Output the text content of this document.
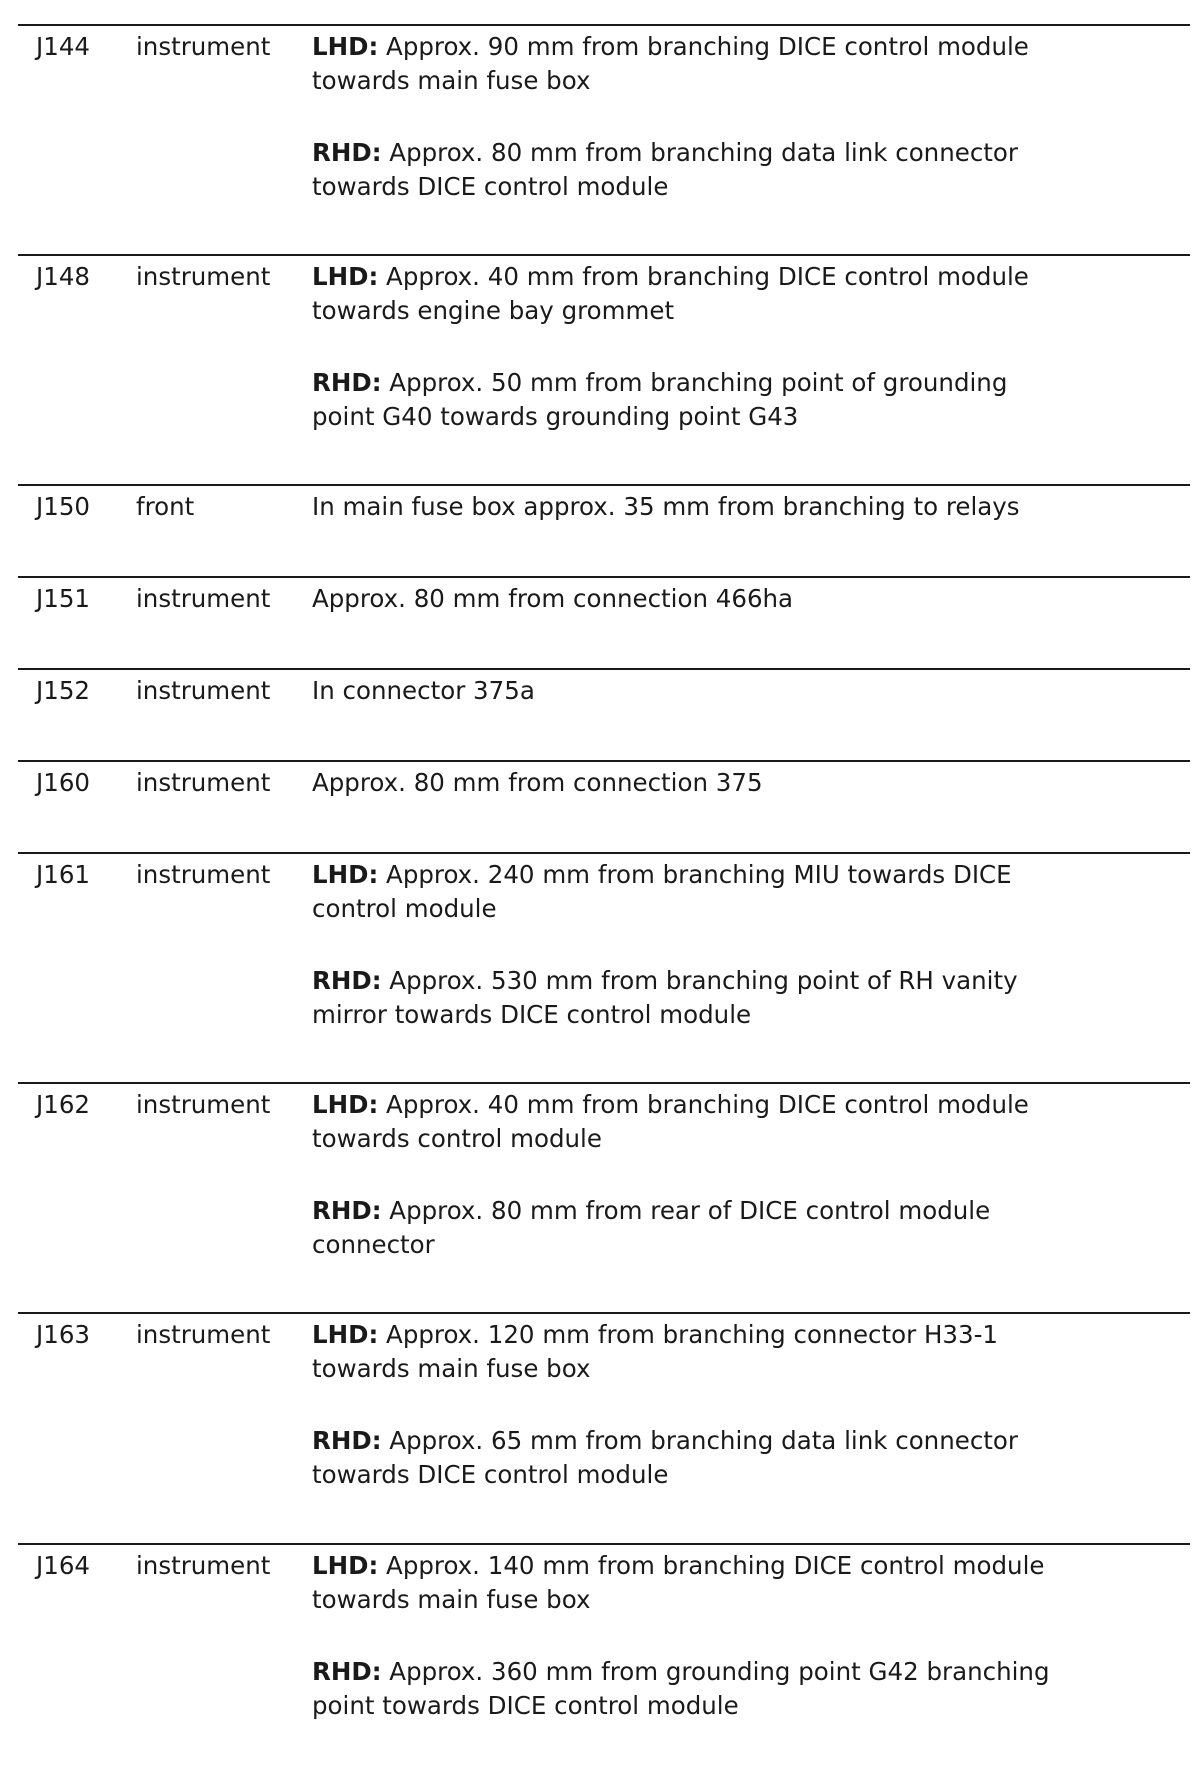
J144 instrument LHD: Approx. 90 mm from branching DICE control module
towards main fuse box
RHD: Approx. 80 mm from branching data link connector
towards DICE control module
J148 instrument LHD: Approx. 40 mm from branching DICE control module
towards engine bay grommet
RHD: Approx. 50 mm from branching point of grounding
point G40 towards grounding point G43
J150 front	In main fuse box approx. 35 mm from branching to relays
J151 instrument Approx. 80 mm from connection 466ha
J152 instrument In connector 375a
J160 instrument Approx. 80 mm from connection 375
J161 instrument LHD: Approx. 240 mm from branching MIU towards DICE
control module
RHD: Approx. 530 mm from branching point of RH vanity
mirror towards DICE control module
J162 instrument LHD: Approx. 40 mm from branching DICE control module
towards control module
RHD: Approx. 80 mm from rear of DICE control module
connector
J163 instrument LHD: Approx. 120 mm from branching connector H33-1
towards main fuse box
RHD: Approx. 65 mm from branching data link connector
towards DICE control module
J164 instrument LHD: Approx. 140 mm from branching DICE control module
towards main fuse box
RHD: Approx. 360 mm from grounding point G42 branching
point towards DICE control module
